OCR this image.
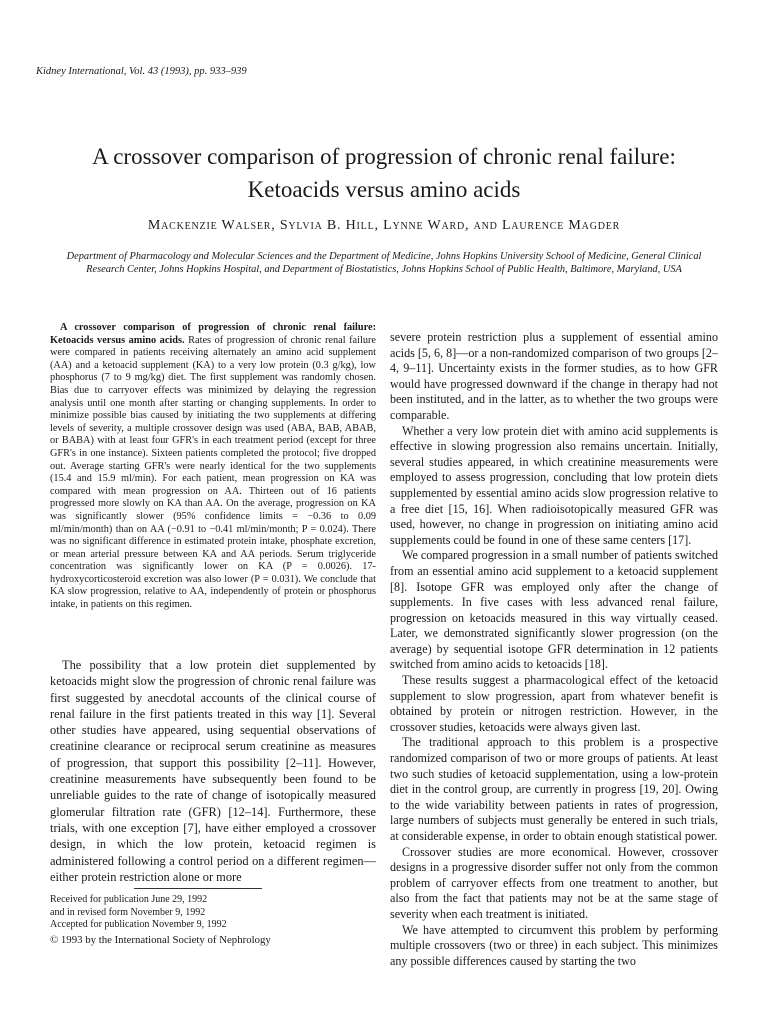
Kidney International, Vol. 43 (1993), pp. 933–939
A crossover comparison of progression of chronic renal failure:
Ketoacids versus amino acids
Mackenzie Walser, Sylvia B. Hill, Lynne Ward, and Laurence Magder
Department of Pharmacology and Molecular Sciences and the Department of Medicine, Johns Hopkins University School of Medicine, General Clinical Research Center, Johns Hopkins Hospital, and Department of Biostatistics, Johns Hopkins School of Public Health, Baltimore, Maryland, USA

A crossover comparison of progression of chronic renal failure: Ketoacids versus amino acids. Rates of progression of chronic renal failure were compared in patients receiving alternately an amino acid supplement (AA) and a ketoacid supplement (KA) to a very low protein (0.3 g/kg), low phosphorus (7 to 9 mg/kg) diet. The first supplement was randomly chosen. Bias due to carryover effects was minimized by delaying the regression analysis until one month after starting or changing supplements. In order to minimize possible bias caused by initiating the two supplements at differing levels of severity, a multiple crossover design was used (ABA, BAB, ABAB, or BABA) with at least four GFR's in each treatment period (except for three GFR's in one instance). Sixteen patients completed the protocol; five dropped out. Average starting GFR's were nearly identical for the two supplements (15.4 and 15.9 ml/min). For each patient, mean progression on KA was compared with mean progression on AA. Thirteen out of 16 patients progressed more slowly on KA than AA. On the average, progression on KA was significantly slower (95% confidence limits = −0.36 to 0.09 ml/min/month) than on AA (−0.91 to −0.41 ml/min/month; P = 0.024). There was no significant difference in estimated protein intake, phosphate excretion, or mean arterial pressure between KA and AA periods. Serum triglyceride concentration was significantly lower on KA (P = 0.0026). 17-hydroxycorticosteroid excretion was also lower (P = 0.031). We conclude that KA slow progression, relative to AA, independently of protein or phosphorus intake, in patients on this regimen.

The possibility that a low protein diet supplemented by ketoacids might slow the progression of chronic renal failure was first suggested by anecdotal accounts of the clinical course of renal failure in the first patients treated in this way [1]. Several other studies have appeared, using sequential observations of creatinine clearance or reciprocal serum creatinine as measures of progression, that support this possibility [2–11]. However, creatinine measurements have subsequently been found to be unreliable guides to the rate of change of isotopically measured glomerular filtration rate (GFR) [12–14]. Furthermore, these trials, with one exception [7], have either employed a crossover design, in which the low protein, ketoacid regimen is administered following a control period on a different regimen—either protein restriction alone or more

severe protein restriction plus a supplement of essential amino acids [5, 6, 8]—or a non-randomized comparison of two groups [2–4, 9–11]. Uncertainty exists in the former studies, as to how GFR would have progressed downward if the change in therapy had not been instituted, and in the latter, as to whether the two groups were comparable.

Whether a very low protein diet with amino acid supplements is effective in slowing progression also remains uncertain. Initially, several studies appeared, in which creatinine measurements were employed to assess progression, concluding that low protein diets supplemented by essential amino acids slow progression relative to a free diet [15, 16]. When radioisotopically measured GFR was used, however, no change in progression on initiating amino acid supplements could be found in one of these same centers [17].

We compared progression in a small number of patients switched from an essential amino acid supplement to a ketoacid supplement [8]. Isotope GFR was employed only after the change of supplements. In five cases with less advanced renal failure, progression on ketoacids measured in this way virtually ceased. Later, we demonstrated significantly slower progression (on the average) by sequential isotope GFR determination in 12 patients switched from amino acids to ketoacids [18].

These results suggest a pharmacological effect of the ketoacid supplement to slow progression, apart from whatever benefit is obtained by protein or nitrogen restriction. However, in the crossover studies, ketoacids were always given last.

The traditional approach to this problem is a prospective randomized comparison of two or more groups of patients. At least two such studies of ketoacid supplementation, using a low-protein diet in the control group, are currently in progress [19, 20]. Owing to the wide variability between patients in rates of progression, large numbers of subjects must generally be entered in such trials, at considerable expense, in order to obtain enough statistical power.

Crossover studies are more economical. However, crossover designs in a progressive disorder suffer not only from the common problem of carryover effects from one treatment to another, but also from the fact that patients may not be at the same stage of severity when each treatment is initiated.

We have attempted to circumvent this problem by performing multiple crossovers (two or three) in each subject. This minimizes any possible differences caused by starting the two

Received for publication June 29, 1992
and in revised form November 9, 1992
Accepted for publication November 9, 1992
© 1993 by the International Society of Nephrology
